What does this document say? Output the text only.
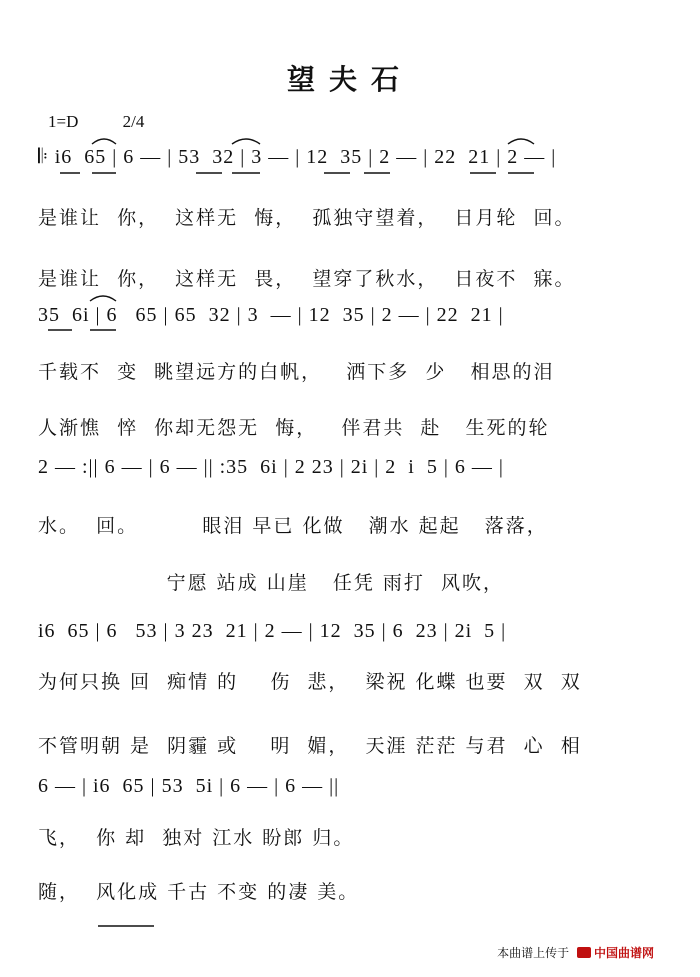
望夫石
1=D	2/4
𝄆 i6  65 | 6 — | 53  32 | 3 — | 12  35 | 2 — | 22  21 | 2 — |
是谁让  你，  这样无  悔，  孤独守望着，  日月轮  回。
是谁让  你，  这样无  畏，  望穿了秋水，  日夜不  寐。
35  6i | 6   65 | 65  32 | 3  — | 12  35 | 2 — | 22  21 |
千载不  变  眺望远方的白帆，   洒下多  少   相思的泪
人渐憔  悴  你却无怨无  悔，   伴君共  赴   生死的轮
2 — :|| 6 — | 6 — || :35  6i | 2 23 | 2i | 2  i  5 | 6 — |
水。  回。        眼泪 早已 化做   潮水 起起   落落，
宁愿 站成 山崖   任凭 雨打  风吹，
i6  65 | 6   53 | 3 23  21 | 2 — | 12  35 | 6  23 | 2i  5 |
为何只换 回  痴情 的    伤  悲，  梁祝 化蝶 也要  双  双
不管明朝 是  阴霾 或    明  媚，  天涯 茫茫 与君  心  相
6 — | i6  65 | 53  5i | 6 — | 6 — ||
飞，  你 却  独对 江水 盼郎 归。
随，  风化成 千古 不变 的凄 美。
本曲谱上传于 中国曲谱网
